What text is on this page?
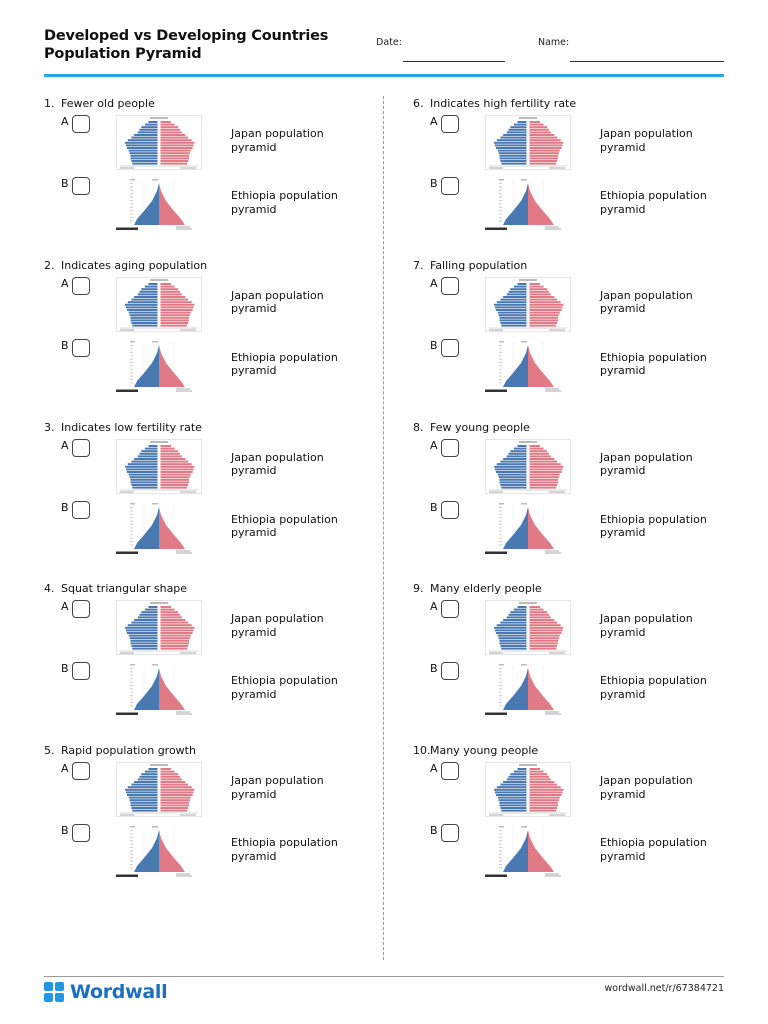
Developed vs Developing Countries
Population Pyramid
Date:	Name:
1. Fewer old people
A
Japan population pyramid
B
Ethiopia population pyramid
2. Indicates aging population
A
Japan population pyramid
B
Ethiopia population pyramid
3. Indicates low fertility rate
A
Japan population pyramid
B
Ethiopia population pyramid
4. Squat triangular shape
A
Japan population pyramid
B
Ethiopia population pyramid
5. Rapid population growth
A
Japan population pyramid
B
Ethiopia population pyramid
6. Indicates high fertility rate
A
Japan population pyramid
B
Ethiopia population pyramid
7. Falling population
A
Japan population pyramid
B
Ethiopia population pyramid
8. Few young people
A
Japan population pyramid
B
Ethiopia population pyramid
9. Many elderly people
A
Japan population pyramid
B
Ethiopia population pyramid
10.Many young people
A
Japan population pyramid
B
Ethiopia population pyramid
Wordwall	wordwall.net/r/67384721
